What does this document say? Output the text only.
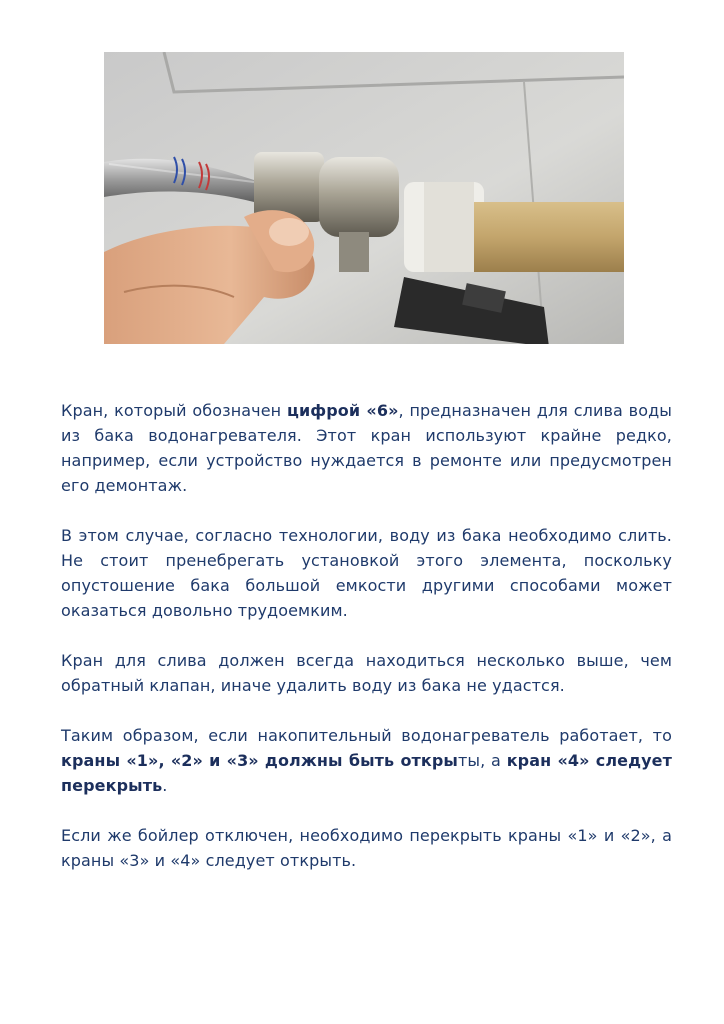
Кран, который обозначен цифрой «6», предназначен для слива воды из бака водонагревателя. Этот кран используют крайне редко, например, если устройство нуждается в ремонте или предусмотрен его демонтаж.

В этом случае, согласно технологии, воду из бака необходимо слить. Не стоит пренебрегать установкой этого элемента, поскольку опустошение бака большой емкости другими способами может оказаться довольно трудоемким.

Кран для слива должен всегда находиться несколько выше, чем обратный клапан, иначе удалить воду из бака не удастся.

Таким образом, если накопительный водонагреватель работает, то краны «1», «2» и «3» должны быть открыты, а кран «4» следует перекрыть.

Если же бойлер отключен, необходимо перекрыть краны «1» и «2», а краны «3» и «4» следует открыть.
